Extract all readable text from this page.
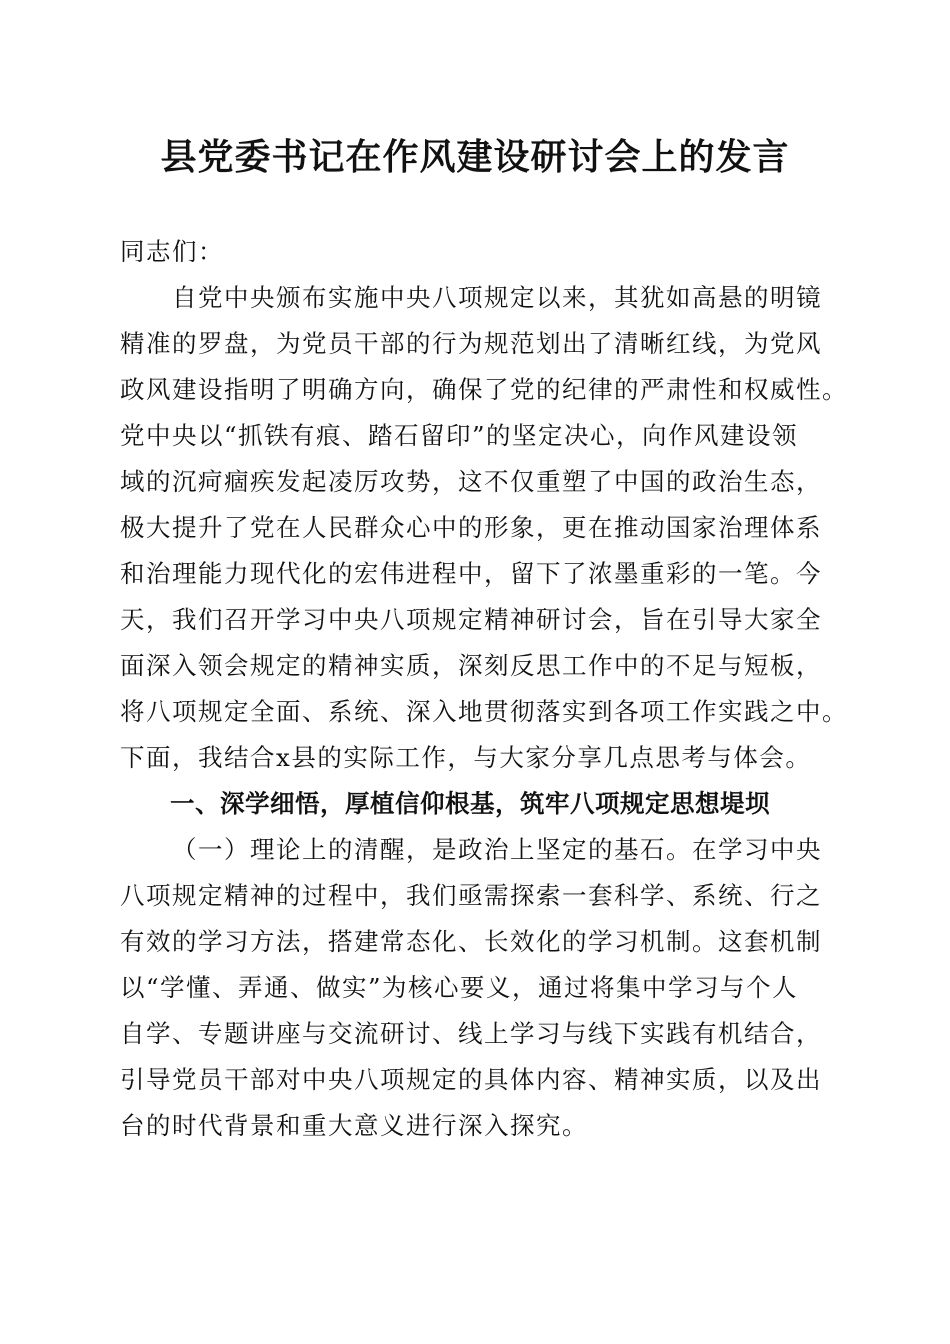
县党委书记在作风建设研讨会上的发言
同志们：
自党中央颁布实施中央八项规定以来，其犹如高悬的明镜
精准的罗盘，为党员干部的行为规范划出了清晰红线，为党风
政风建设指明了明确方向，确保了党的纪律的严肃性和权威性。
党中央以“抓铁有痕、踏石留印”的坚定决心，向作风建设领
域的沉疴痼疾发起凌厉攻势，这不仅重塑了中国的政治生态，
极大提升了党在人民群众心中的形象，更在推动国家治理体系
和治理能力现代化的宏伟进程中，留下了浓墨重彩的一笔。今
天，我们召开学习中央八项规定精神研讨会，旨在引导大家全
面深入领会规定的精神实质，深刻反思工作中的不足与短板，
将八项规定全面、系统、深入地贯彻落实到各项工作实践之中。
下面，我结合x县的实际工作，与大家分享几点思考与体会。
一、深学细悟，厚植信仰根基，筑牢八项规定思想堤坝
（一）理论上的清醒，是政治上坚定的基石。在学习中央
八项规定精神的过程中，我们亟需探索一套科学、系统、行之
有效的学习方法，搭建常态化、长效化的学习机制。这套机制
以“学懂、弄通、做实”为核心要义，通过将集中学习与个人
自学、专题讲座与交流研讨、线上学习与线下实践有机结合，
引导党员干部对中央八项规定的具体内容、精神实质，以及出
台的时代背景和重大意义进行深入探究。
